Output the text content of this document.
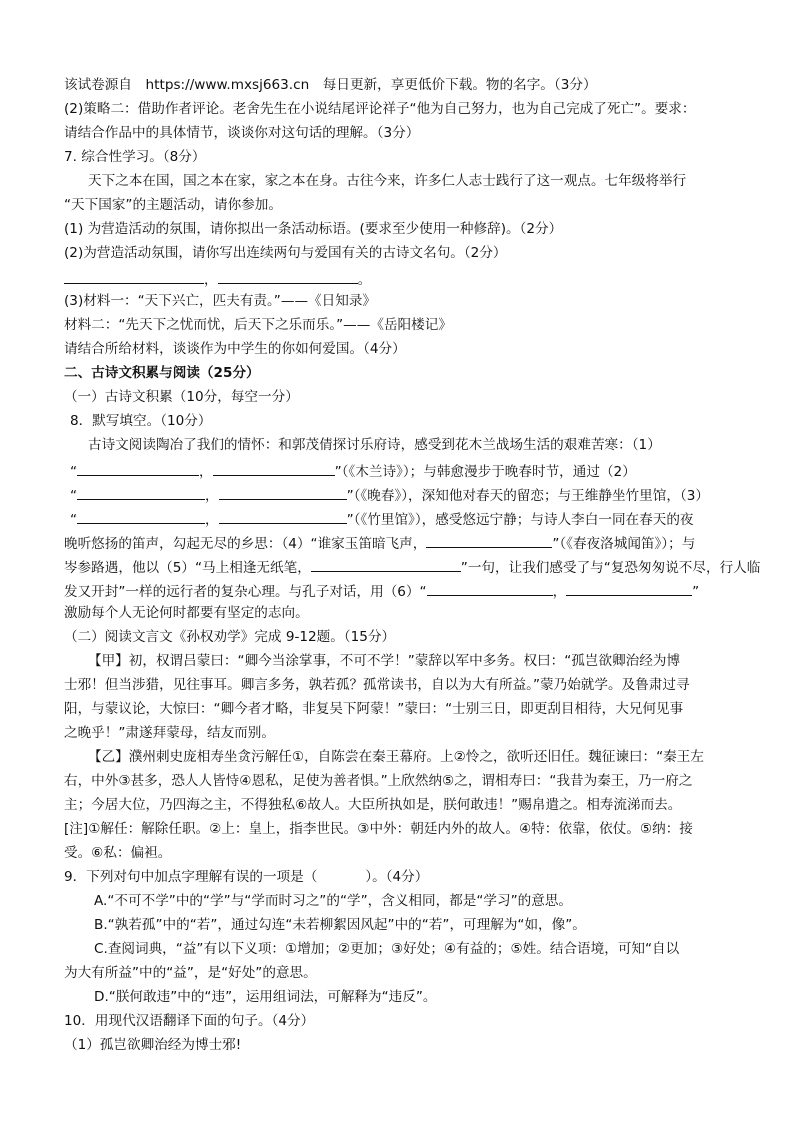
该试卷源自　https://www.mxsj663.cn　每日更新，享更低价下载。物的名字。（3分）
(2)策略二：借助作者评论。老舍先生在小说结尾评论祥子“他为自己努力，也为自己完成了死亡”。要求：
请结合作品中的具体情节，谈谈你对这句话的理解。（3分）
7. 综合性学习。（8分）
天下之本在国，国之本在家，家之本在身。古往今来，许多仁人志士践行了这一观点。七年级将举行
“天下国家”的主题活动，请你参加。
(1) 为营造活动的氛围，请你拟出一条活动标语。(要求至少使用一种修辞)。（2分）
(2)为营造活动氛围，请你写出连续两句与爱国有关的古诗文名句。（2分）
，	。
(3)材料一：“天下兴亡，匹夫有责。”——《日知录》
材料二：“先天下之忧而忧，后天下之乐而乐。”——《岳阳楼记》
请结合所给材料，谈谈作为中学生的你如何爱国。（4分）
二、古诗文积累与阅读（25分）
（一）古诗文积累（10分，每空一分）
8．默写填空。（10分）
古诗文阅读陶冶了我们的情怀：和郭茂倩探讨乐府诗，感受到花木兰战场生活的艰难苦寒：（1）
“	，	”（《木兰诗》）；与韩愈漫步于晚春时节，通过（2）
“	，	”（《晚春》），深知他对春天的留恋；与王维静坐竹里馆，（3）
“	，	”（《竹里馆》），感受悠远宁静；与诗人李白一同在春天的夜
晚听悠扬的笛声，勾起无尽的乡思：（4）“谁家玉笛暗飞声，	”（《春夜洛城闻笛》）；与
岑参路遇，他以（5）“马上相逢无纸笔，	”一句，让我们感受了与“复恐匆匆说不尽，行人临
发又开封”一样的远行者的复杂心理。与孔子对话，用（6）“	，	”
激励每个人无论何时都要有坚定的志向。
（二）阅读文言文《孙权劝学》完成 9-12题。（15分）
【甲】初，权谓吕蒙曰：“卿今当涂掌事，不可不学！”蒙辞以军中多务。权曰：“孤岂欲卿治经为博
士邪！但当涉猎，见往事耳。卿言多务，孰若孤？孤常读书，自以为大有所益。”蒙乃始就学。及鲁肃过寻
阳，与蒙议论，大惊曰：“卿今者才略，非复吴下阿蒙！”蒙曰：“士别三日，即更刮目相待，大兄何见事
之晚乎！”肃遂拜蒙母，结友而别。
【乙】濮州刺史庞相寿坐贪污解任①，自陈尝在秦王幕府。上②怜之，欲听还旧任。魏征谏曰：“秦王左
右，中外③甚多，恐人人皆恃④恩私，足使为善者惧。”上欣然纳⑤之，谓相寿曰：“我昔为秦王，乃一府之
主；今居大位，乃四海之主，不得独私⑥故人。大臣所执如是，朕何敢违！”赐帛遣之。相寿流涕而去。
[注]①解任：解除任职。②上：皇上，指李世民。③中外：朝廷内外的故人。④特：依靠，依仗。⑤纳：接
受。⑥私：偏袒。
9．下列对句中加点字理解有误的一项是（	）。（4分）
A.“不可不学”中的“学”与“学而时习之”的“学”，含义相同，都是“学习”的意思。
B.“孰若孤”中的“若”，通过勾连“未若柳絮因风起”中的“若”，可理解为“如，像”。
C.查阅词典，“益”有以下义项：①增加；②更加；③好处；④有益的；⑤姓。结合语境，可知“自以
为大有所益”中的“益”，是“好处”的意思。
D.“朕何敢违”中的“违”，运用组词法，可解释为“违反”。
10．用现代汉语翻译下面的句子。（4分）
（1）孤岂欲卿治经为博士邪!
